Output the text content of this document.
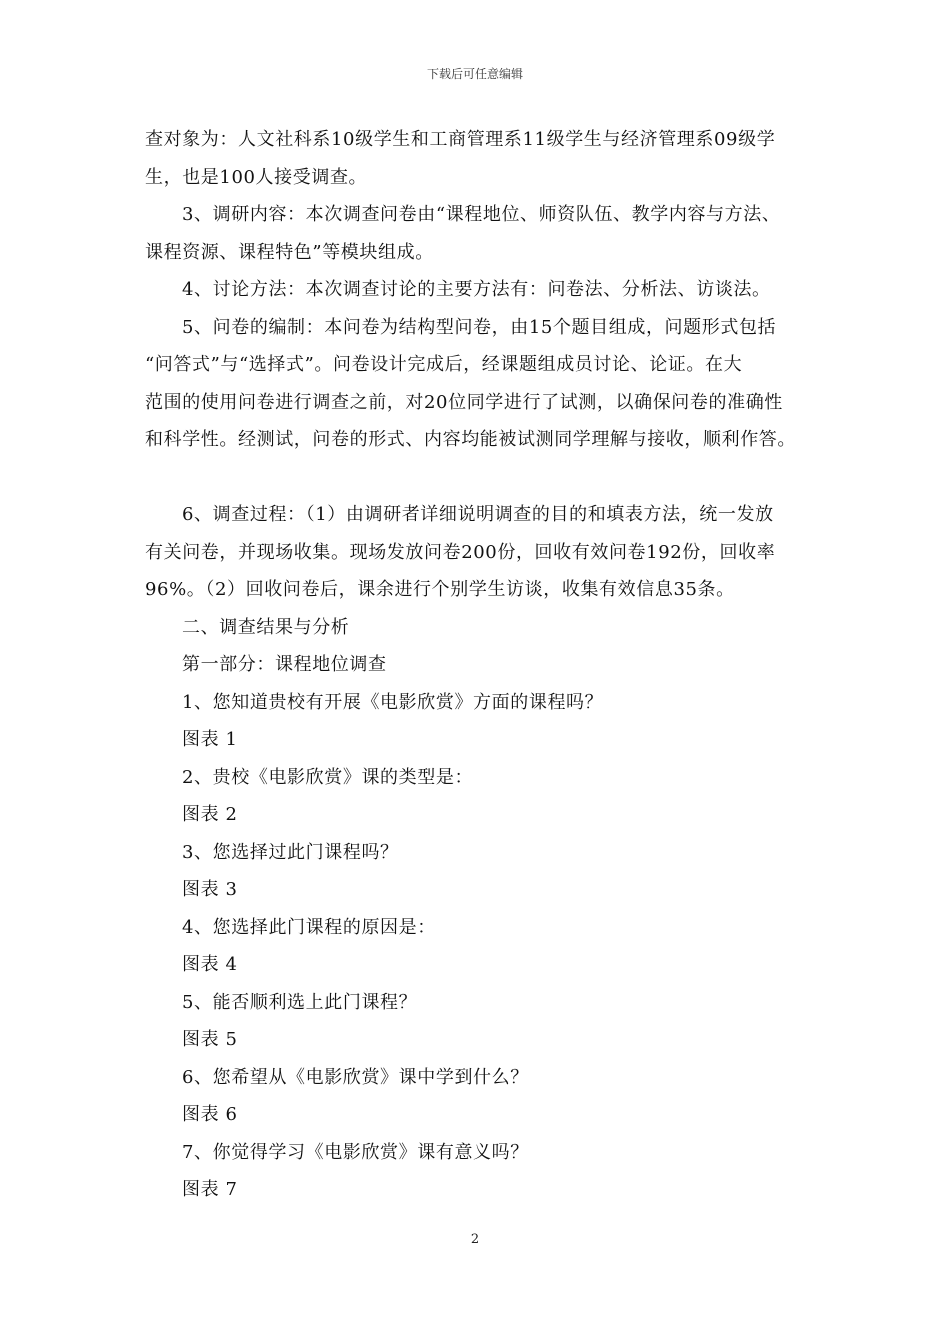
下载后可任意编辑

查对象为：人文社科系10级学生和工商管理系11级学生与经济管理系09级学

生，也是100人接受调查。

3、调研内容：本次调查问卷由“课程地位、师资队伍、教学内容与方法、

课程资源、课程特色”等模块组成。

4、讨论方法：本次调查讨论的主要方法有：问卷法、分析法、访谈法。

5、问卷的编制：本问卷为结构型问卷，由15个题目组成，问题形式包括

“问答式”与“选择式”。问卷设计完成后，经课题组成员讨论、论证。在大

范围的使用问卷进行调查之前，对20位同学进行了试测，以确保问卷的准确性

和科学性。经测试，问卷的形式、内容均能被试测同学理解与接收，顺利作答。

6、调查过程：（1）由调研者详细说明调查的目的和填表方法，统一发放

有关问卷，并现场收集。现场发放问卷200份，回收有效问卷192份，回收率

96%。（2）回收问卷后，课余进行个别学生访谈，收集有效信息35条。

二、调查结果与分析

第一部分：课程地位调查

1、您知道贵校有开展《电影欣赏》方面的课程吗？

图表 1

2、贵校《电影欣赏》课的类型是：

图表 2

3、您选择过此门课程吗？

图表 3

4、您选择此门课程的原因是：

图表 4

5、能否顺利选上此门课程？

图表 5

6、您希望从《电影欣赏》课中学到什么？

图表 6

7、你觉得学习《电影欣赏》课有意义吗？

图表 7

2
